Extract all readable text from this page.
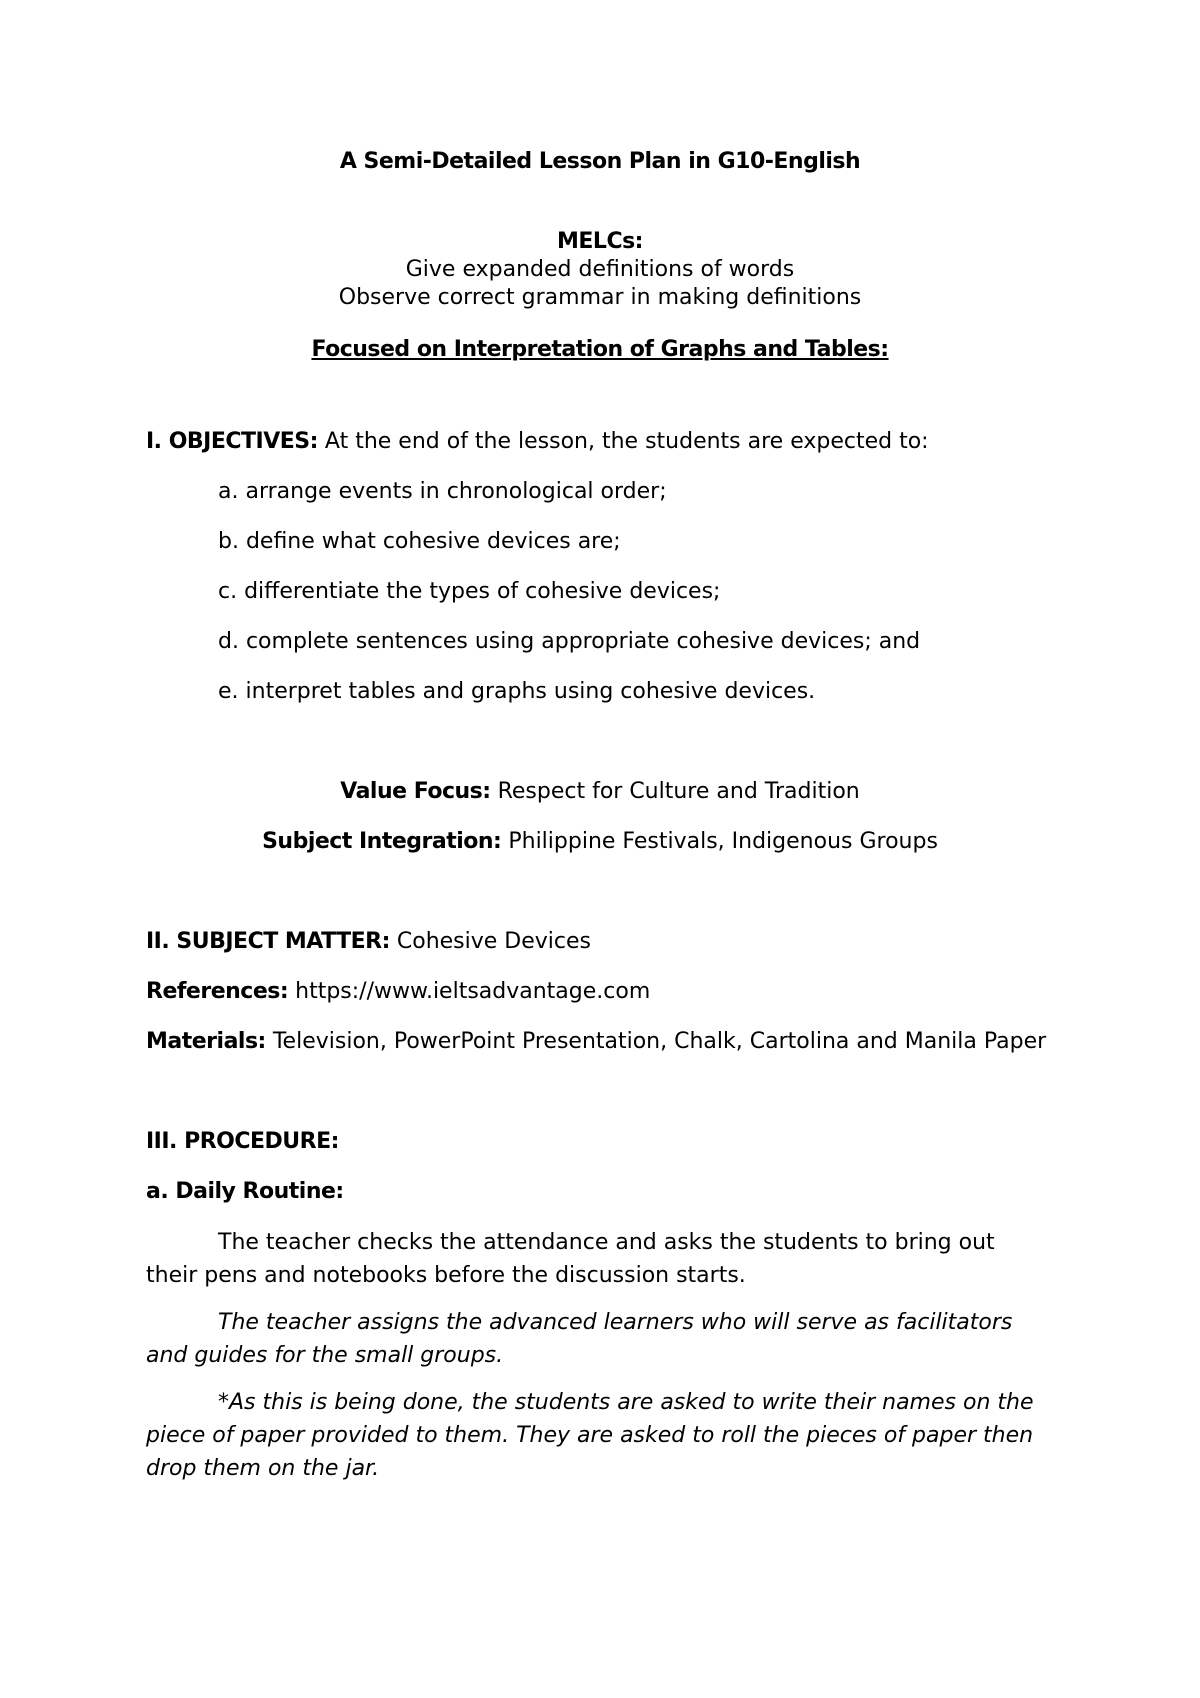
A Semi-Detailed Lesson Plan in G10-English
MELCs:
Give expanded definitions of words
Observe correct grammar in making definitions
Focused on Interpretation of Graphs and Tables:
I. OBJECTIVES: At the end of the lesson, the students are expected to:
a. arrange events in chronological order;
b. define what cohesive devices are;
c. differentiate the types of cohesive devices;
d. complete sentences using appropriate cohesive devices; and
e. interpret tables and graphs using cohesive devices.
Value Focus: Respect for Culture and Tradition
Subject Integration: Philippine Festivals, Indigenous Groups
II. SUBJECT MATTER: Cohesive Devices
References: https://www.ieltsadvantage.com
Materials: Television, PowerPoint Presentation, Chalk, Cartolina and Manila Paper
III. PROCEDURE:
a. Daily Routine:
The teacher checks the attendance and asks the students to bring out their pens and notebooks before the discussion starts.
The teacher assigns the advanced learners who will serve as facilitators and guides for the small groups.
*As this is being done, the students are asked to write their names on the piece of paper provided to them. They are asked to roll the pieces of paper then drop them on the jar.
